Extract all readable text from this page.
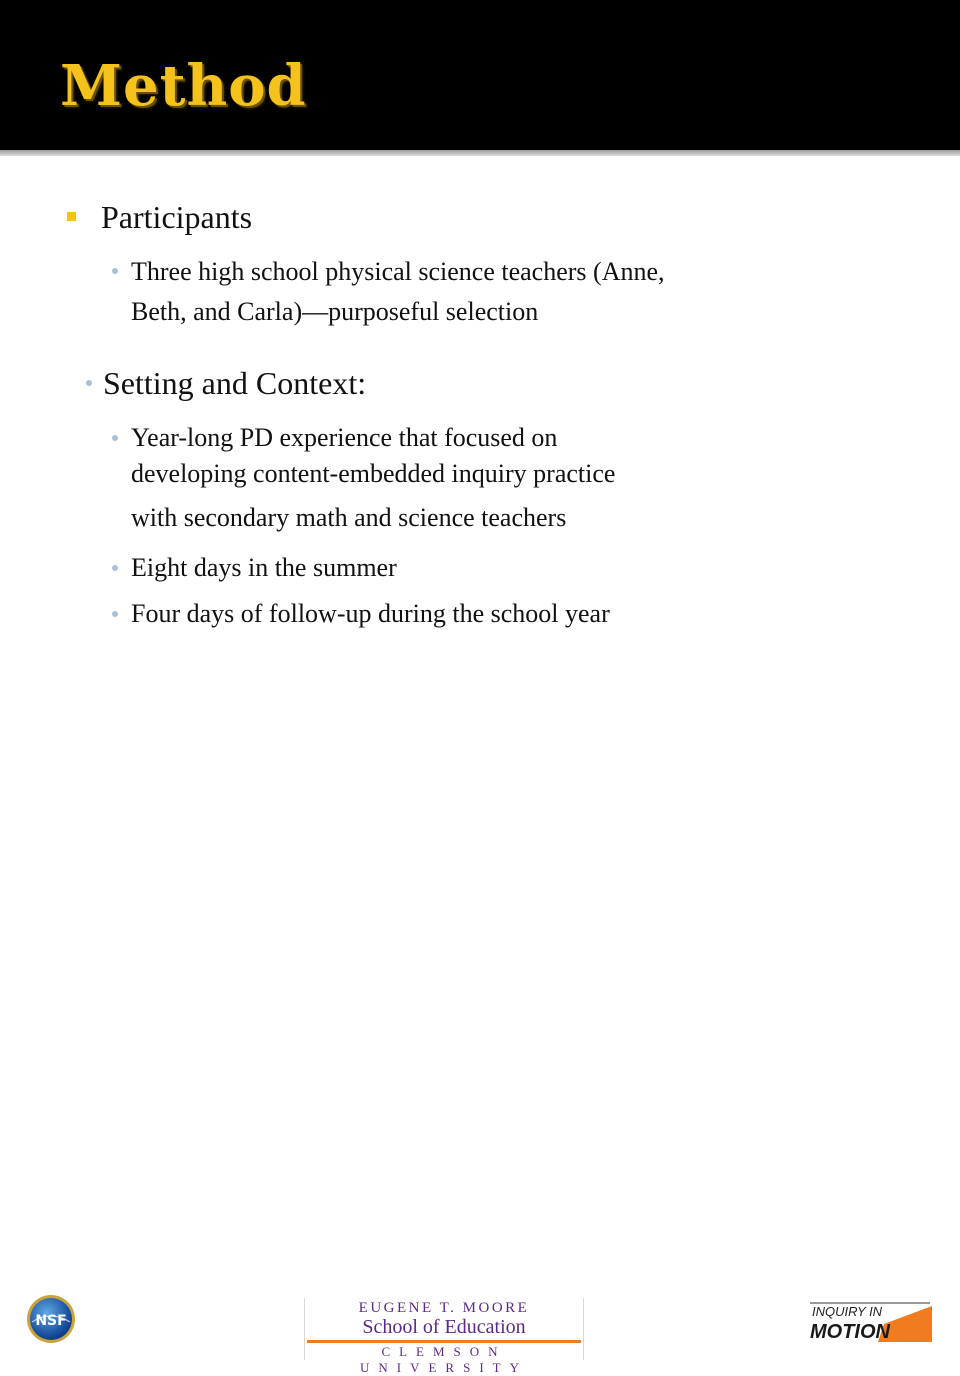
Method

Participants

Three high school physical science teachers (Anne,

Beth, and Carla)—purposeful selection

Setting and Context:

Year-long PD experience that focused on

developing content-embedded inquiry practice

with secondary math and science teachers

Eight days in the summer

Four days of follow-up during the school year

NSF
EUGENE T. MOORE
School of Education
CLEMSON UNIVERSITY
INQUIRY IN
MOTION
